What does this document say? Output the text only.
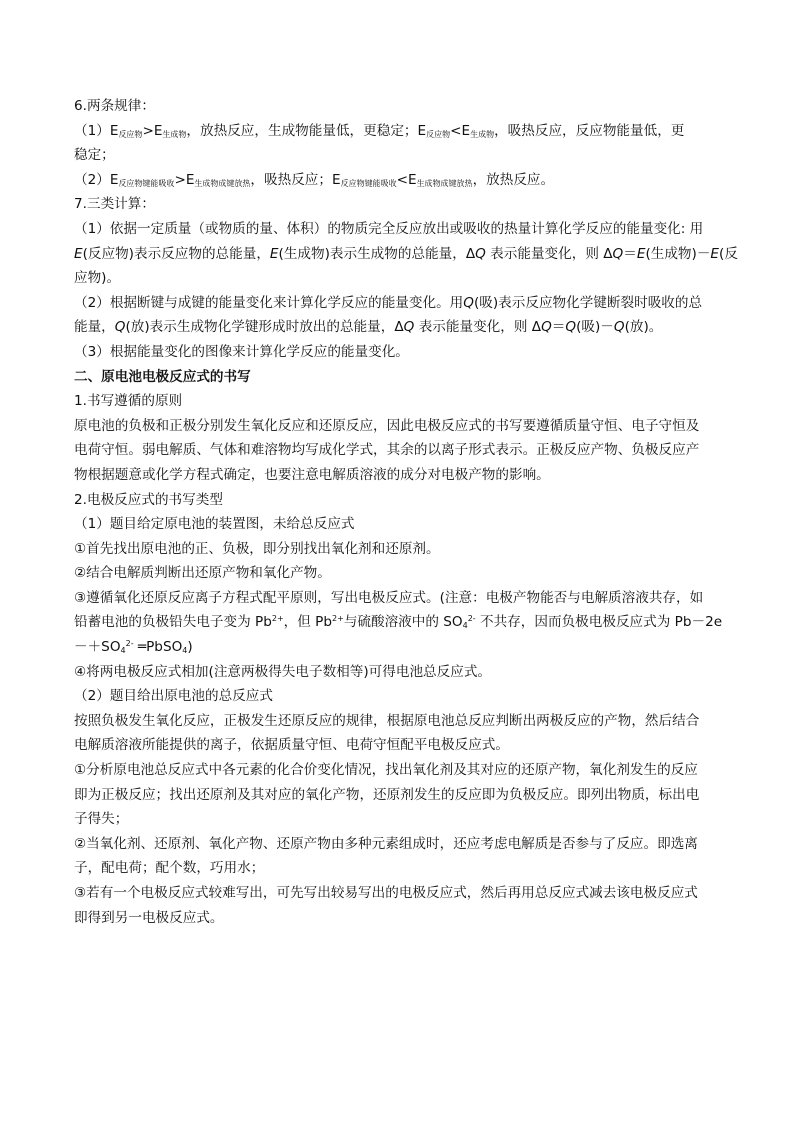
6.两条规律：
$(1)E_{反应物}>E_{生成物}$，放热反应，生成物能量低，更稳定；$E_{反应物}<E_{生成物}$，吸热反应，反应物能量低，更
稳定；
$(2)E_{反应物键能吸收}>E_{生成物成键放热}$，吸热反应；$E_{反应物键能吸收}<E_{生成物成键放热}$，放热反应。
7.三类计算：
（1）依据一定质量（或物质的量、体积）的物质完全反应放出或吸收的热量计算化学反应的能量变化: 用
E(反应物)表示反应物的总能量，E(生成物)表示生成物的总能量，ΔQ 表示能量变化，则 ΔQ＝E(生成物)－E(反
应物)。
（2）根据断键与成键的能量变化来计算化学反应的能量变化。用Q(吸)表示反应物化学键断裂时吸收的总
能量，Q(放)表示生成物化学键形成时放出的总能量，ΔQ 表示能量变化，则 ΔQ＝Q(吸)－Q(放)。
（3）根据能量变化的图像来计算化学反应的能量变化。
二、原电池电极反应式的书写
1.书写遵循的原则
原电池的负极和正极分别发生氧化反应和还原反应，因此电极反应式的书写要遵循质量守恒、电子守恒及
电荷守恒。弱电解质、气体和难溶物均写成化学式，其余的以离子形式表示。正极反应产物、负极反应产
物根据题意或化学方程式确定，也要注意电解质溶液的成分对电极产物的影响。
2.电极反应式的书写类型
（1）题目给定原电池的装置图，未给总反应式
①首先找出原电池的正、负极，即分别找出氧化剂和还原剂。
②结合电解质判断出还原产物和氧化产物。
③遵循氧化还原反应离子方程式配平原则，写出电极反应式。(注意：电极产物能否与电解质溶液共存，如
铅蓄电池的负极铅失电子变为 $Pb^{2+}$，但 $Pb^{2+}$与硫酸溶液中的 $SO_4^{2-}$ 不共存，因而负极电极反应式为 Pb－2e
$-+SO_4^{2-}$ ═PbSO$_4$)
④将两电极反应式相加(注意两极得失电子数相等)可得电池总反应式。
（2）题目给出原电池的总反应式
按照负极发生氧化反应，正极发生还原反应的规律，根据原电池总反应判断出两极反应的产物，然后结合
电解质溶液所能提供的离子，依据质量守恒、电荷守恒配平电极反应式。
①分析原电池总反应式中各元素的化合价变化情况，找出氧化剂及其对应的还原产物，氧化剂发生的反应
即为正极反应；找出还原剂及其对应的氧化产物，还原剂发生的反应即为负极反应。即列出物质，标出电
子得失；
②当氧化剂、还原剂、氧化产物、还原产物由多种元素组成时，还应考虑电解质是否参与了反应。即选离
子，配电荷；配个数，巧用水；
③若有一个电极反应式较难写出，可先写出较易写出的电极反应式，然后再用总反应式减去该电极反应式
即得到另一电极反应式。
